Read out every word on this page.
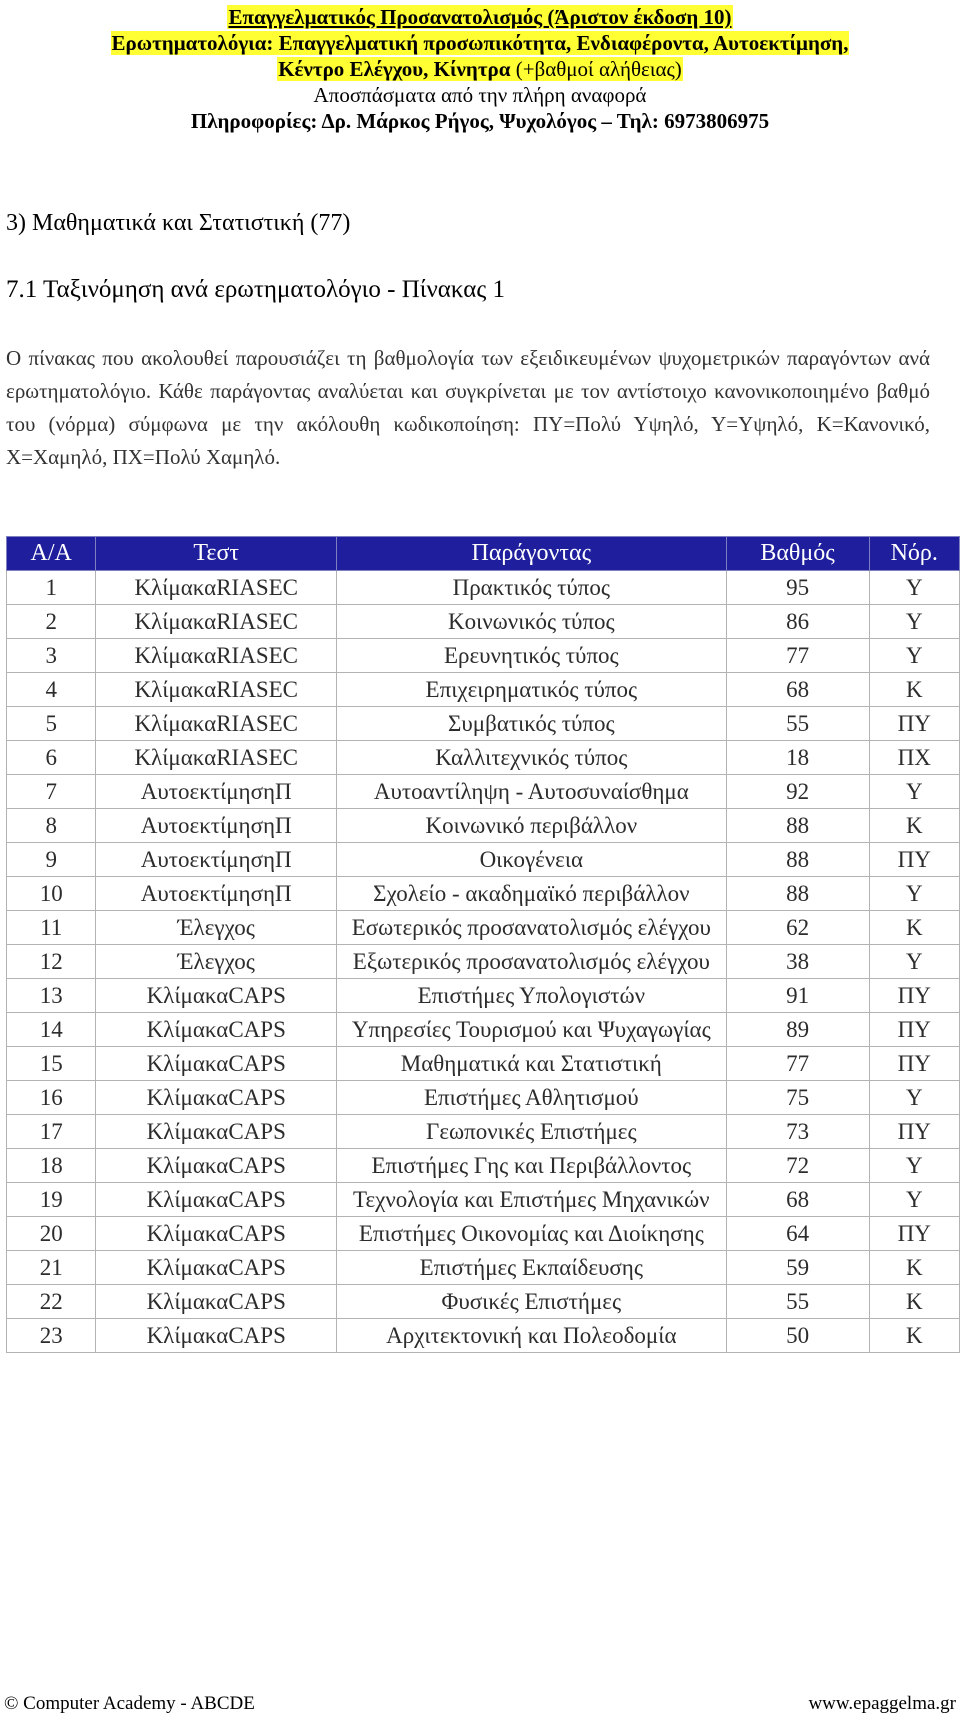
Επαγγελματικός Προσανατολισμός (Άριστον έκδοση 10)
Ερωτηματολόγια: Επαγγελματική προσωπικότητα, Ενδιαφέροντα, Αυτοεκτίμηση,
Κέντρο Ελέγχου, Κίνητρα (+βαθμοί αλήθειας)
Αποσπάσματα από την πλήρη αναφορά
Πληροφορίες: Δρ. Μάρκος Ρήγος, Ψυχολόγος – Τηλ: 6973806975
3) Μαθηματικά και Στατιστική (77)
7.1 Ταξινόμηση ανά ερωτηματολόγιο - Πίνακας 1

Ο πίνακας που ακολουθεί παρουσιάζει τη βαθμολογία των εξειδικευμένων ψυχομετρικών παραγόντων ανά ερωτηματολόγιο. Κάθε παράγοντας αναλύεται και συγκρίνεται με τον αντίστοιχο κανονικοποιημένο βαθμό του (νόρμα) σύμφωνα με την ακόλουθη κωδικοποίηση: ΠΥ=Πολύ Υψηλό, Υ=Υψηλό, Κ=Κανονικό, Χ=Χαμηλό, ΠΧ=Πολύ Χαμηλό.

Α/Α	Τεστ	Παράγοντας	Βαθμός	Νόρ.
1	ΚλίμακαRIASEC	Πρακτικός τύπος	95	Υ
2	ΚλίμακαRIASEC	Κοινωνικός τύπος	86	Υ
3	ΚλίμακαRIASEC	Ερευνητικός τύπος	77	Υ
4	ΚλίμακαRIASEC	Επιχειρηματικός τύπος	68	Κ
5	ΚλίμακαRIASEC	Συμβατικός τύπος	55	ΠΥ
6	ΚλίμακαRIASEC	Καλλιτεχνικός τύπος	18	ΠΧ
7	ΑυτοεκτίμησηΠ	Αυτοαντίληψη - Αυτοσυναίσθημα	92	Υ
8	ΑυτοεκτίμησηΠ	Κοινωνικό περιβάλλον	88	Κ
9	ΑυτοεκτίμησηΠ	Οικογένεια	88	ΠΥ
10	ΑυτοεκτίμησηΠ	Σχολείο - ακαδημαϊκό περιβάλλον	88	Υ
11	Έλεγχος	Εσωτερικός προσανατολισμός ελέγχου	62	Κ
12	Έλεγχος	Εξωτερικός προσανατολισμός ελέγχου	38	Υ
13	ΚλίμακαCAPS	Επιστήμες Υπολογιστών	91	ΠΥ
14	ΚλίμακαCAPS	Υπηρεσίες Τουρισμού και Ψυχαγωγίας	89	ΠΥ
15	ΚλίμακαCAPS	Μαθηματικά και Στατιστική	77	ΠΥ
16	ΚλίμακαCAPS	Επιστήμες Αθλητισμού	75	Υ
17	ΚλίμακαCAPS	Γεωπονικές Επιστήμες	73	ΠΥ
18	ΚλίμακαCAPS	Επιστήμες Γης και Περιβάλλοντος	72	Υ
19	ΚλίμακαCAPS	Τεχνολογία και Επιστήμες Μηχανικών	68	Υ
20	ΚλίμακαCAPS	Επιστήμες Οικονομίας και Διοίκησης	64	ΠΥ
21	ΚλίμακαCAPS	Επιστήμες Εκπαίδευσης	59	Κ
22	ΚλίμακαCAPS	Φυσικές Επιστήμες	55	Κ
23	ΚλίμακαCAPS	Αρχιτεκτονική και Πολεοδομία	50	Κ
© Computer Academy - ABCDE	www.epaggelma.gr
